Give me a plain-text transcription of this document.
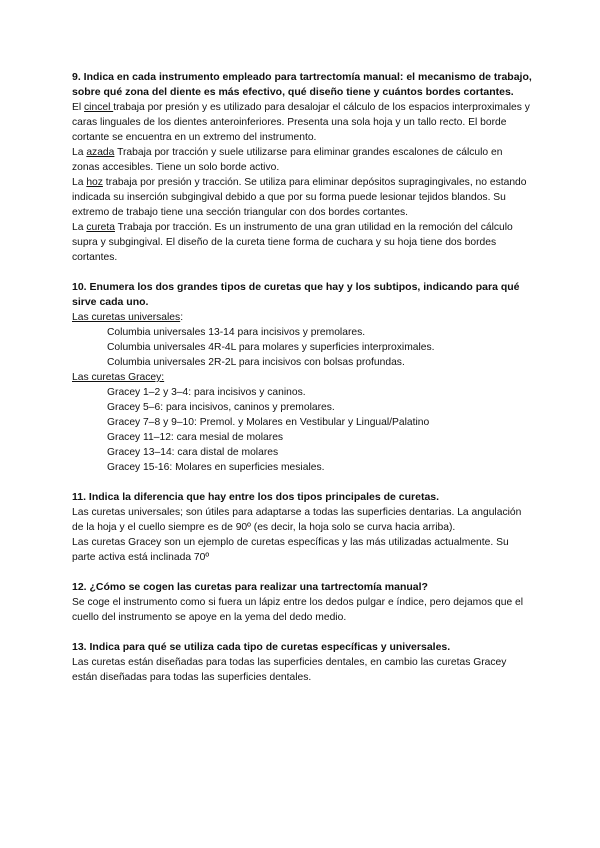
9. Indica en cada instrumento empleado para tartrectomía manual: el mecanismo de trabajo, sobre qué zona del diente es más efectivo, qué diseño tiene y cuántos bordes cortantes.

El cincel trabaja por presión y es utilizado para desalojar el cálculo de los espacios interproximales y caras linguales de los dientes anteroinferiores. Presenta una sola hoja y un tallo recto. El borde cortante se encuentra en un extremo del instrumento.

La azada Trabaja por tracción y suele utilizarse para eliminar grandes escalones de cálculo en zonas accesibles. Tiene un solo borde activo.

La hoz trabaja por presión y tracción. Se utiliza para eliminar depósitos supragingivales, no estando indicada su inserción subgingival debido a que por su forma puede lesionar tejidos blandos. Su extremo de trabajo tiene una sección triangular con dos bordes cortantes.

La cureta Trabaja por tracción. Es un instrumento de una gran utilidad en la remoción del cálculo supra y subgingival. El diseño de la cureta tiene forma de cuchara y su hoja tiene dos bordes cortantes.

10. Enumera los dos grandes tipos de curetas que hay y los subtipos, indicando para qué sirve cada uno.

Las curetas universales:

Columbia universales 13-14 para incisivos y premolares.

Columbia universales 4R-4L para molares y superficies interproximales.

Columbia universales 2R-2L para incisivos con bolsas profundas.

Las curetas Gracey:

Gracey 1–2 y 3–4: para incisivos y caninos.

Gracey 5–6: para incisivos, caninos y premolares.

Gracey 7–8 y 9–10: Premol. y Molares en Vestibular y Lingual/Palatino

Gracey 11–12: cara mesial de molares

Gracey 13–14: cara distal de molares

Gracey 15-16: Molares en superficies mesiales.

11. Indica la diferencia que hay entre los dos tipos principales de curetas.

Las curetas universales; son útiles para adaptarse a todas las superficies dentarias. La angulación de la hoja y el cuello siempre es de 90º (es decir, la hoja solo se curva hacia arriba).

Las curetas Gracey son un ejemplo de curetas específicas y las más utilizadas actualmente. Su parte activa está inclinada 70º

12. ¿Cómo se cogen las curetas para realizar una tartrectomía manual?

Se coge el instrumento como si fuera un lápiz entre los dedos pulgar e índice, pero dejamos que el cuello del instrumento se apoye en la yema del dedo medio.

13. Indica para qué se utiliza cada tipo de curetas específicas y universales.

Las curetas están diseñadas para todas las superficies dentales, en cambio las curetas Gracey están diseñadas para todas las superficies dentales.
